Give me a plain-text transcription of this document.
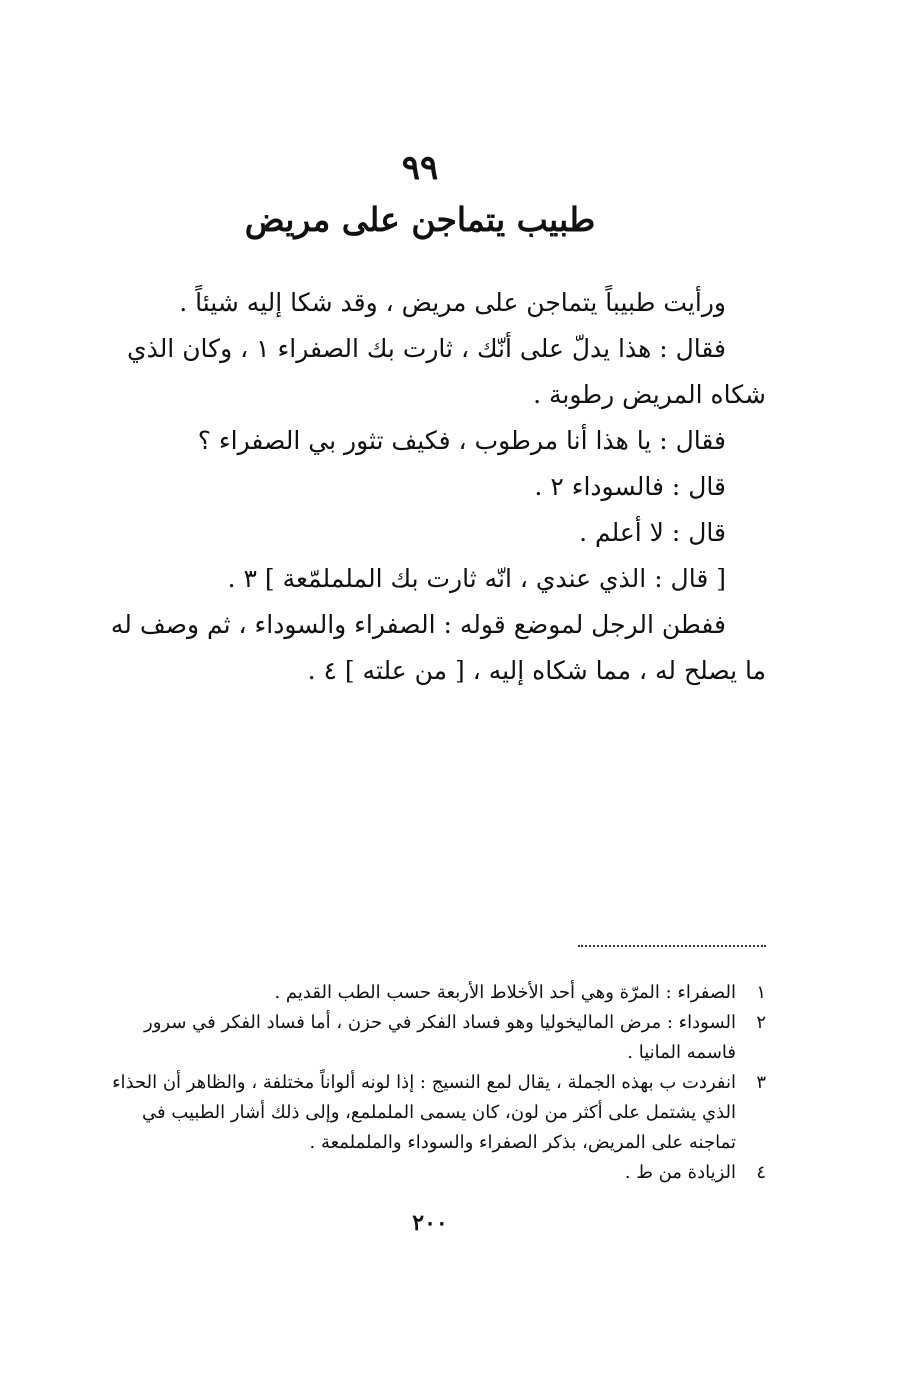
٩٩
طبيب يتماجن على مريض

ورأيت طبيباً يتماجن على مريض ، وقد شكا إليه شيئاً .

فقال : هذا يدلّ على أنّك ، ثارت بك الصفراء ١ ، وكان الذي شكاه المريض رطوبة .

فقال : يا هذا أنا مرطوب ، فكيف تثور بي الصفراء ؟

قال : فالسوداء ٢ .

قال : لا أعلم .

[ قال : الذي عندي ، انّه ثارت بك الململمّعة ] ٣ .

ففطن الرجل لموضع قوله : الصفراء والسوداء ، ثم وصف له ما يصلح له ، مما شكاه إليه ، [ من علته ] ٤ .

١
الصفراء : المرّة وهي أحد الأخلاط الأربعة حسب الطب القديم .
٢
السوداء : مرض الماليخوليا وهو فساد الفكر في حزن ، أما فساد الفكر في سرور فاسمه المانيا .
٣
انفردت ب بهذه الجملة ، يقال لمع النسيج : إذا لونه ألواناً مختلفة ، والظاهر أن الحذاء الذي يشتمل على أكثر من لون، كان يسمى الململمع، وإلى ذلك أشار الطبيب في تماجنه على المريض، بذكر الصفراء والسوداء والململمعة .
٤
الزيادة من ط .
٢٠٠
